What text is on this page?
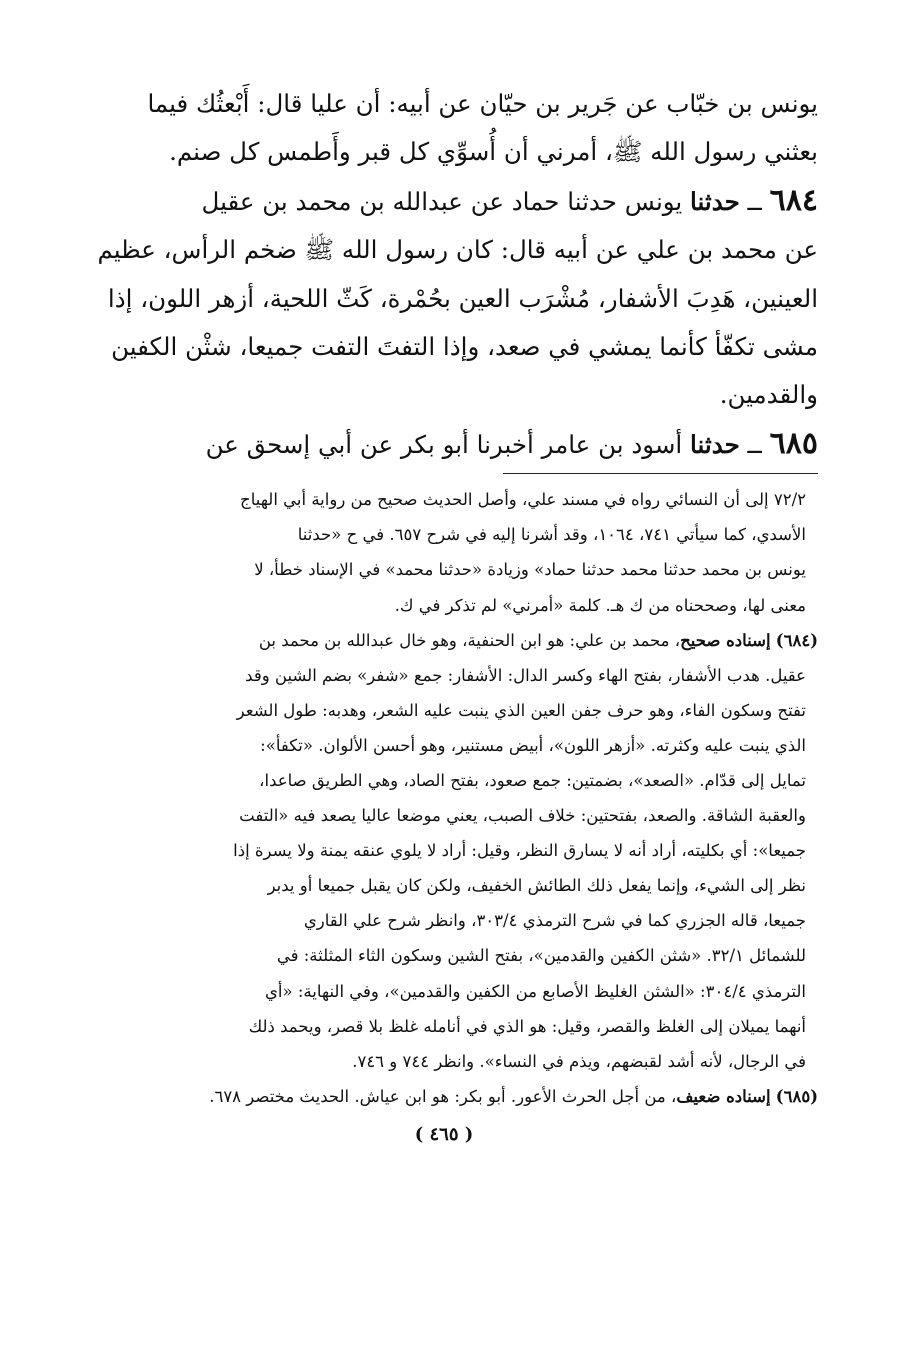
يونس بن خبّاب عن جَرير بن حيّان عن أبيه: أن عليا قال: أَبْعثُك فيما
بعثني رسول الله ﷺ، أمرني أن أُسوِّي كل قبر وأَطمس كل صنم.

٦٨٤ ــ حدثنا يونس حدثنا حماد عن عبدالله بن محمد بن عقيل
عن محمد بن علي عن أبيه قال: كان رسول الله ﷺ ضخم الرأس، عظيم
العينين، هَدِبَ الأشفار، مُشْرَب العين بحُمْرة، كَثّ اللحية، أزهر اللون، إذا
مشى تكفّأ كأنما يمشي في صعد، وإذا التفتَ التفت جميعا، شثْن الكفين
والقدمين.

٦٨٥ ــ حدثنا أسود بن عامر أخبرنا أبو بكر عن أبي إسحق عن

٧٢/٢ إلى أن النسائي رواه في مسند علي، وأصل الحديث صحيح من رواية أبي الهياج
الأسدي، كما سيأتي ٧٤١، ١٠٦٤، وقد أشرنا إليه في شرح ٦٥٧. في ح «حدثنا
يونس بن محمد حدثنا محمد حدثنا حماد» وزيادة «حدثنا محمد» في الإسناد خطأ، لا
معنى لها، وصححناه من ك هـ. كلمة «أمرني» لم تذكر في ك.

(٦٨٤) إسناده صحيح، محمد بن علي: هو ابن الحنفية، وهو خال عبدالله بن محمد بن
عقيل. هدب الأشفار، بفتح الهاء وكسر الدال: الأشفار: جمع «شفر» بضم الشين وقد
تفتح وسكون الفاء، وهو حرف جفن العين الذي ينبت عليه الشعر، وهدبه: طول الشعر
الذي ينبت عليه وكثرته. «أزهر اللون»، أبيض مستنير، وهو أحسن الألوان. «تكفأ»:
تمايل إلى قدّام. «الصعد»، بضمتين: جمع صعود، بفتح الصاد، وهي الطريق صاعدا،
والعقبة الشاقة. والصعد، بفتحتين: خلاف الصبب، يعني موضعا عاليا يصعد فيه «التفت
جميعا»: أي بكليته، أراد أنه لا يسارق النظر، وقيل: أراد لا يلوي عنقه يمنة ولا يسرة إذا
نظر إلى الشيء، وإنما يفعل ذلك الطائش الخفيف، ولكن كان يقبل جميعا أو يدبر
جميعا، قاله الجزري كما في شرح الترمذي ٣٠٣/٤، وانظر شرح علي القاري
للشمائل ٣٢/١. «شثن الكفين والقدمين»، بفتح الشين وسكون الثاء المثلثة: في
الترمذي ٣٠٤/٤: «الشثن الغليظ الأصابع من الكفين والقدمين»، وفي النهاية: «أي
أنهما يميلان إلى الغلظ والقصر، وقيل: هو الذي في أنامله غلظ بلا قصر، ويحمد ذلك
في الرجال، لأنه أشد لقبضهم، ويذم في النساء». وانظر ٧٤٤ و ٧٤٦.

(٦٨٥) إسناده ضعيف، من أجل الحرث الأعور. أبو بكر: هو ابن عياش. الحديث مختصر ٦٧٨.

( ٤٦٥ )
